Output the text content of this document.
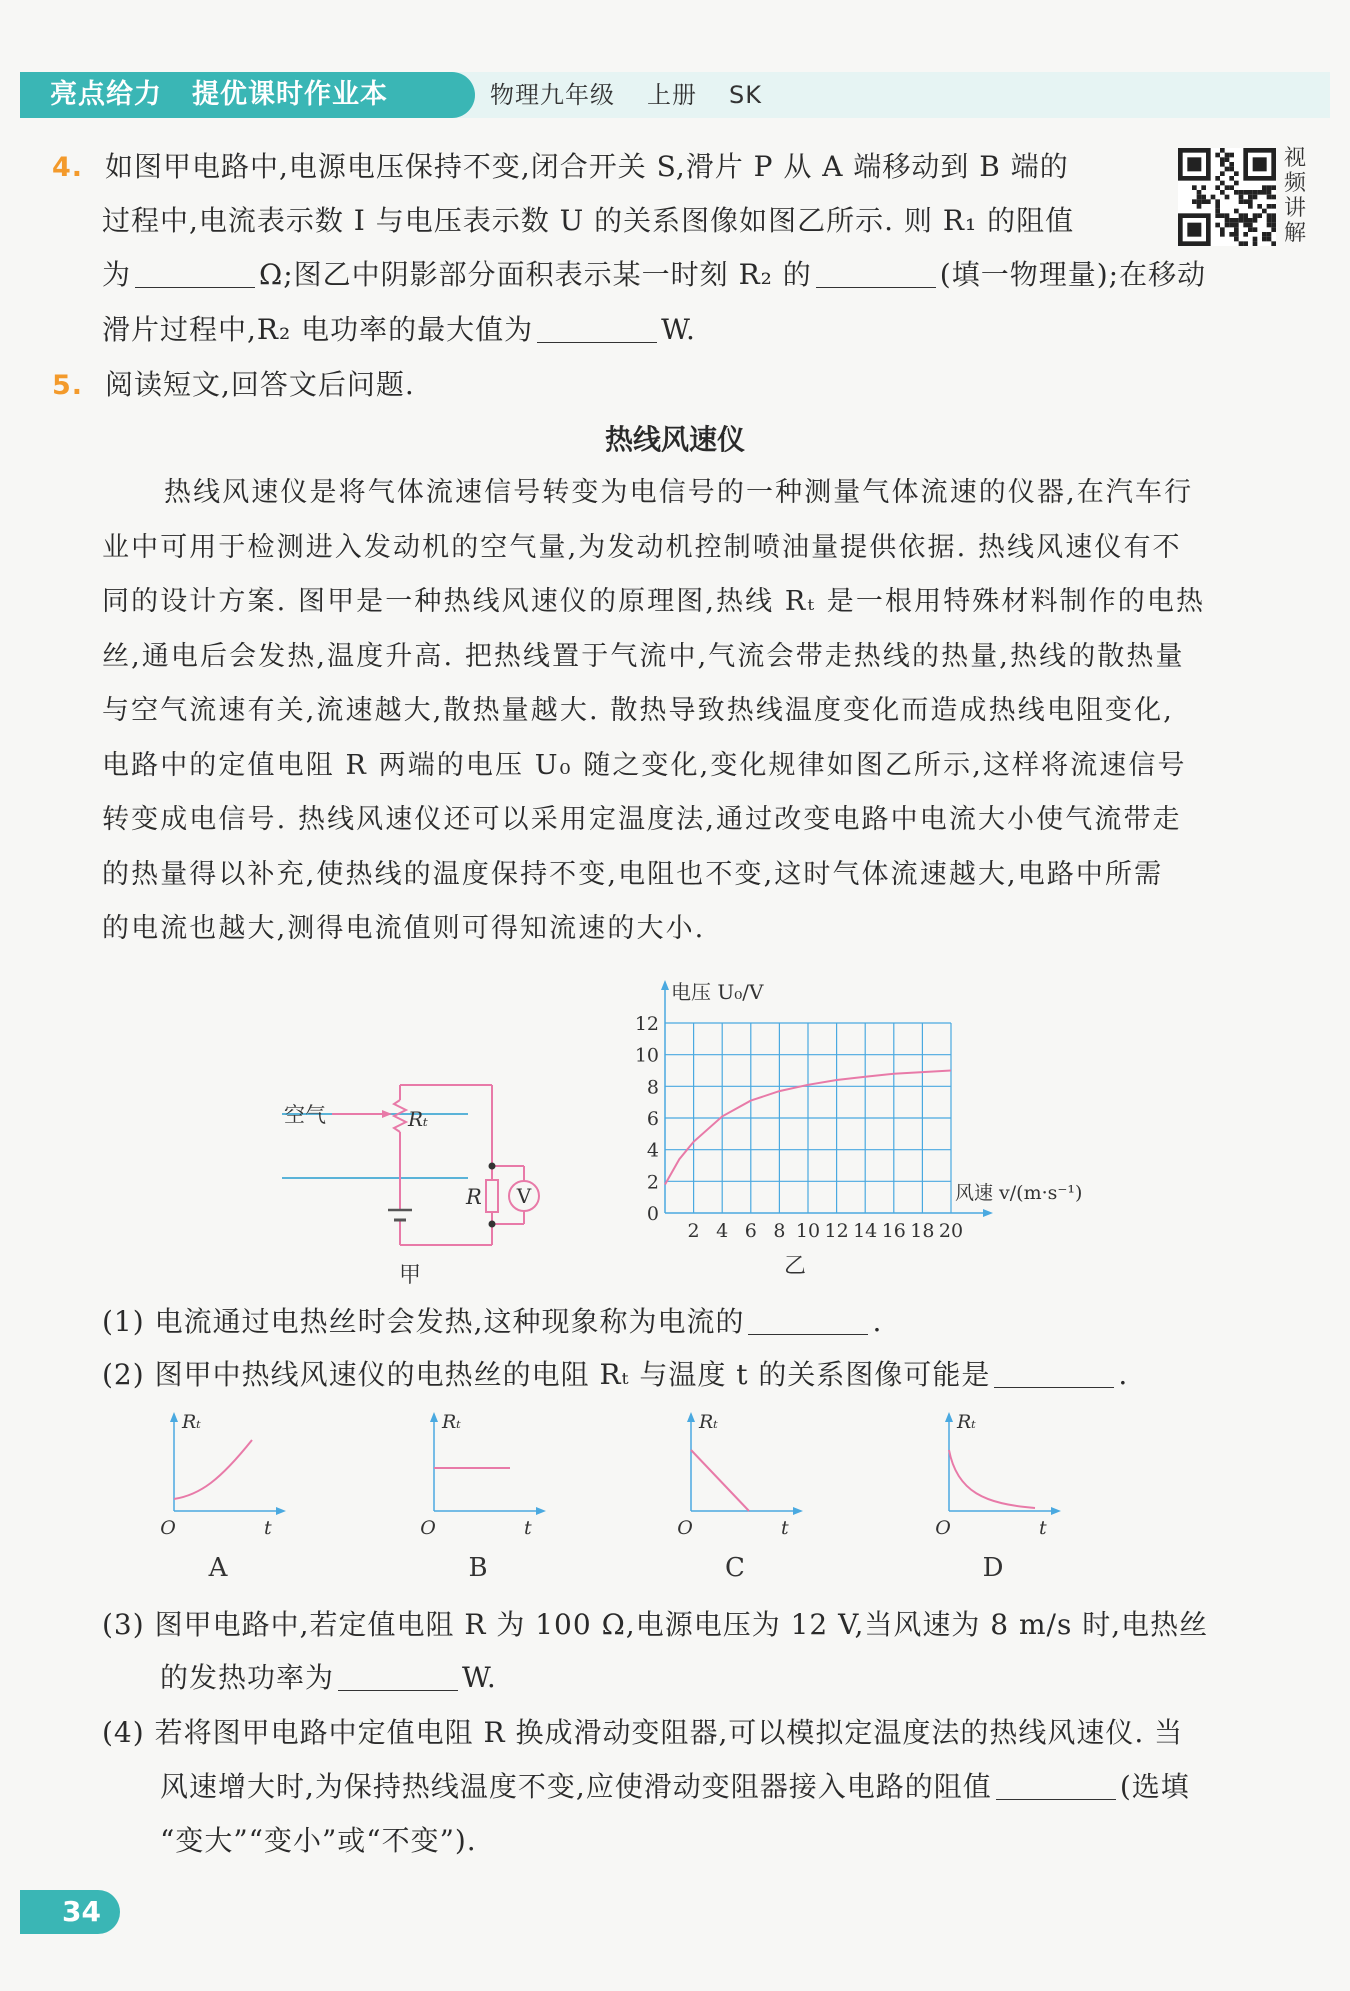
亮点给力 提优课时作业本	物理九年级 上册 SK
4. 如图甲电路中,电源电压保持不变,闭合开关 S,滑片 P 从 A 端移动到 B 端的
过程中,电流表示数 I 与电压表示数 U 的关系图像如图乙所示. 则 R₁ 的阻值
为	Ω;图乙中阴影部分面积表示某一时刻 R₂ 的	(填一物理量);在移动
滑片过程中,R₂ 电功率的最大值为	W.
视
频
讲
解
5. 阅读短文,回答文后问题.
热线风速仪
热线风速仪是将气体流速信号转变为电信号的一种测量气体流速的仪器,在汽车行
业中可用于检测进入发动机的空气量,为发动机控制喷油量提供依据. 热线风速仪有不
同的设计方案. 图甲是一种热线风速仪的原理图,热线 Rₜ 是一根用特殊材料制作的电热
丝,通电后会发热,温度升高. 把热线置于气流中,气流会带走热线的热量,热线的散热量
与空气流速有关,流速越大,散热量越大. 散热导致热线温度变化而造成热线电阻变化,
电路中的定值电阻 R 两端的电压 U₀ 随之变化,变化规律如图乙所示,这样将流速信号
转变成电信号. 热线风速仪还可以采用定温度法,通过改变电路中电流大小使气流带走
的热量得以补充,使热线的温度保持不变,电阻也不变,这时气体流速越大,电路中所需
的电流也越大,测得电流值则可得知流速的大小.
空气	Rₜ
R V
甲
2 4 6 8 10 12 14 16 18 20
2
4
6
8
10
12
0
电压 U₀/V
风速 v/(m·s⁻¹)
乙
(1) 电流通过电热丝时会发热,这种现象称为电流的	.
(2) 图甲中热线风速仪的电热丝的电阻 Rₜ 与温度 t 的关系图像可能是	.
Rₜ
O	t
A
Rₜ
O	t
B
Rₜ
O	t
C
Rₜ
O	t
D
(3) 图甲电路中,若定值电阻 R 为 100 Ω,电源电压为 12 V,当风速为 8 m/s 时,电热丝
的发热功率为	W.
(4) 若将图甲电路中定值电阻 R 换成滑动变阻器,可以模拟定温度法的热线风速仪. 当
风速增大时,为保持热线温度不变,应使滑动变阻器接入电路的阻值	(选填
“变大”“变小”或“不变”).
34
